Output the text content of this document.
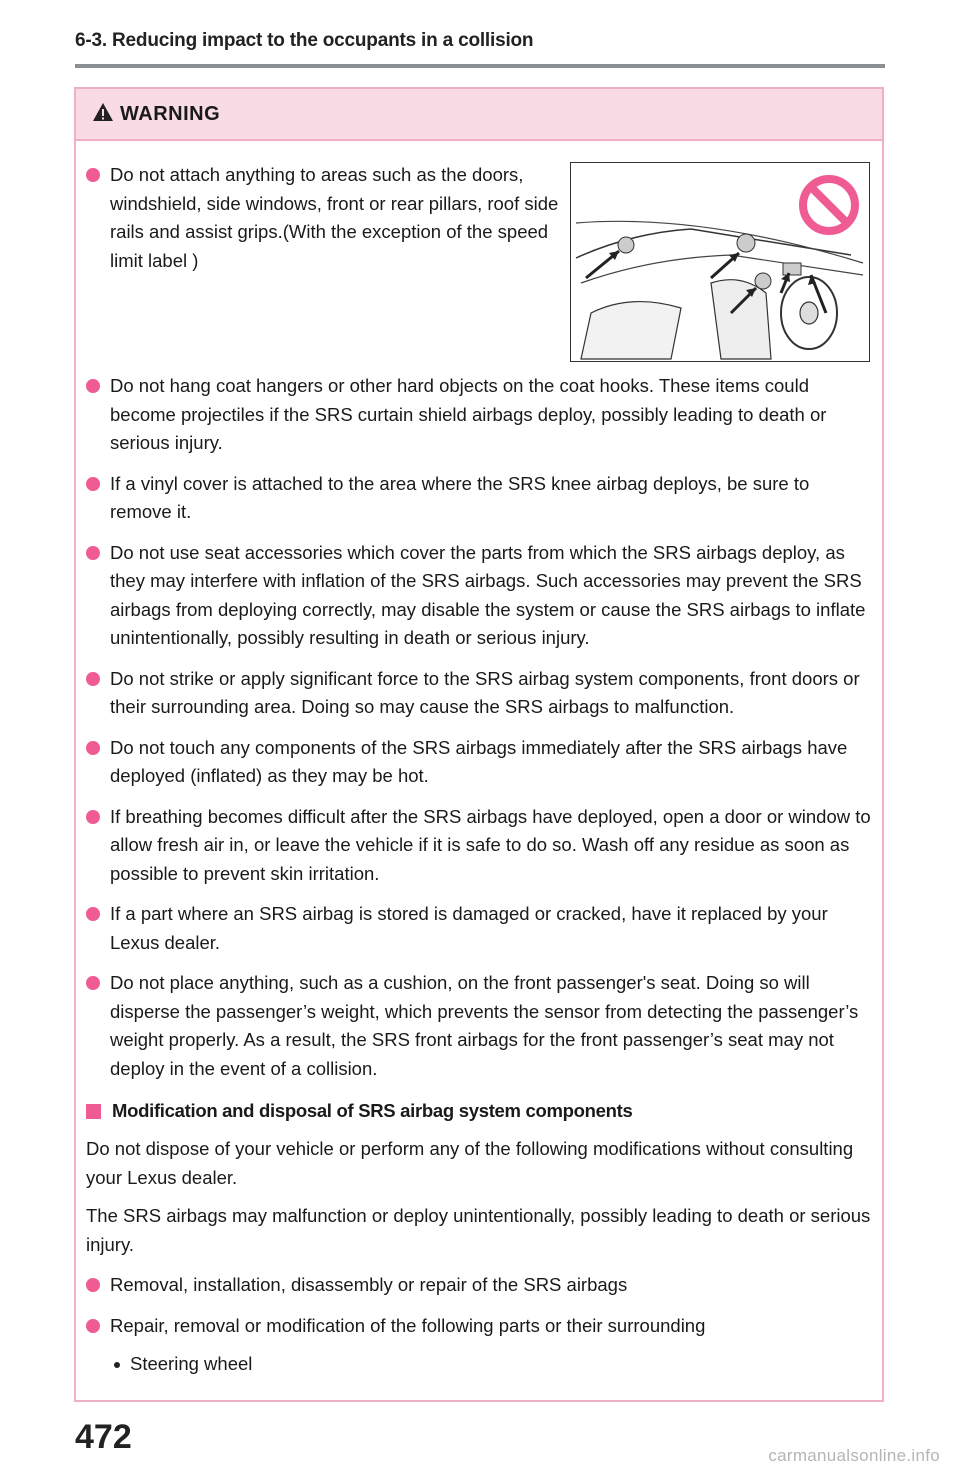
6-3. Reducing impact to the occupants in a collision
WARNING
Do not attach anything to areas such as the doors, windshield, side windows, front or rear pillars, roof side rails and assist grips.(With the exception of the speed limit label )
Do not hang coat hangers or other hard objects on the coat hooks. These items could become projectiles if the SRS curtain shield airbags deploy, possibly leading to death or serious injury.
If a vinyl cover is attached to the area where the SRS knee airbag deploys, be sure to remove it.
Do not use seat accessories which cover the parts from which the SRS airbags deploy, as they may interfere with inflation of the SRS airbags. Such accessories may prevent the SRS airbags from deploying correctly, may disable the system or cause the SRS airbags to inflate unintentionally, possibly resulting in death or serious injury.
Do not strike or apply significant force to the SRS airbag system components, front doors or their surrounding area. Doing so may cause the SRS airbags to malfunction.
Do not touch any components of the SRS airbags immediately after the SRS airbags have deployed (inflated) as they may be hot.
If breathing becomes difficult after the SRS airbags have deployed, open a door or window to allow fresh air in, or leave the vehicle if it is safe to do so. Wash off any residue as soon as possible to prevent skin irritation.
If a part where an SRS airbag is stored is damaged or cracked, have it replaced by your Lexus dealer.
Do not place anything, such as a cushion, on the front passenger's seat. Doing so will disperse the passenger’s weight, which prevents the sensor from detecting the passenger’s weight properly. As a result, the SRS front airbags for the front passenger’s seat may not deploy in the event of a collision.
Modification and disposal of SRS airbag system components
Do not dispose of your vehicle or perform any of the following modifications without consulting your Lexus dealer.
The SRS airbags may malfunction or deploy unintentionally, possibly leading to death or serious injury.
Removal, installation, disassembly or repair of the SRS airbags
Repair, removal or modification of the following parts or their surrounding
Steering wheel
472	carmanualsonline.info
